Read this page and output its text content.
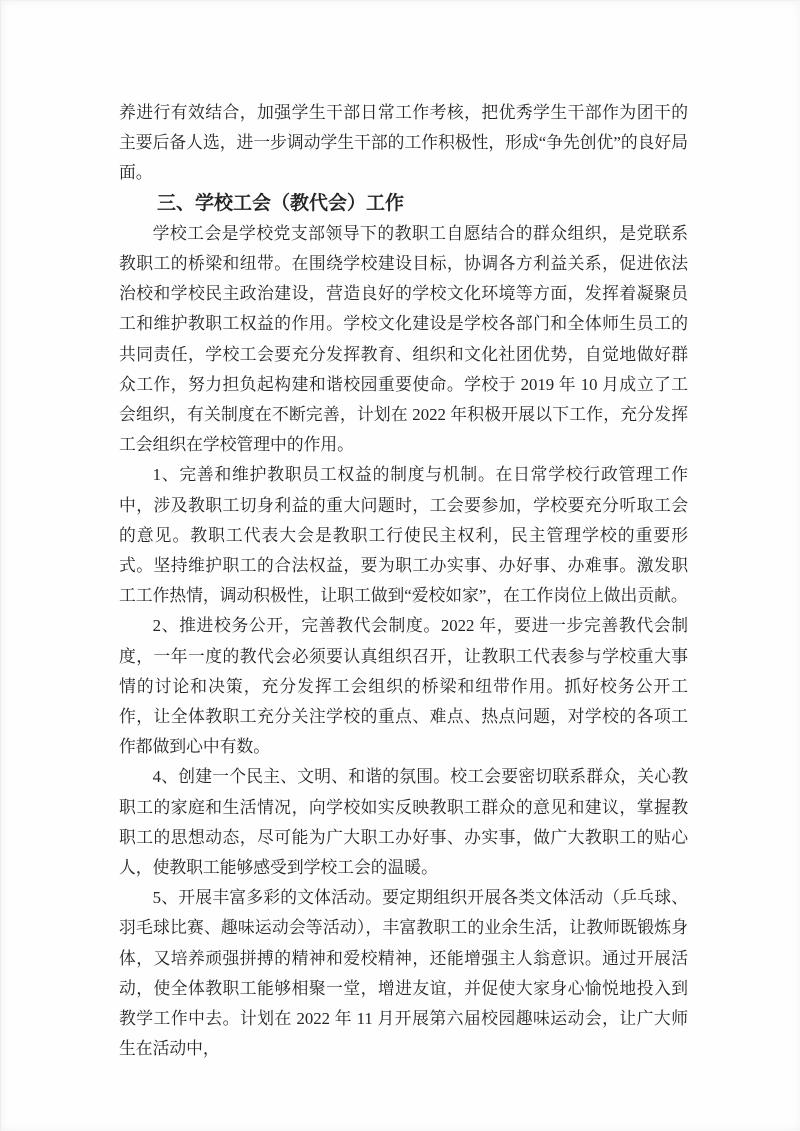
养进行有效结合，加强学生干部日常工作考核，把优秀学生干部作为团干的主要后备人选，进一步调动学生干部的工作积极性，形成“争先创优”的良好局面。

三、学校工会（教代会）工作

学校工会是学校党支部领导下的教职工自愿结合的群众组织，是党联系教职工的桥梁和纽带。在围绕学校建设目标，协调各方利益关系，促进依法治校和学校民主政治建设，营造良好的学校文化环境等方面，发挥着凝聚员工和维护教职工权益的作用。学校文化建设是学校各部门和全体师生员工的共同责任，学校工会要充分发挥教育、组织和文化社团优势，自觉地做好群众工作，努力担负起构建和谐校园重要使命。学校于 2019 年 10 月成立了工会组织，有关制度在不断完善，计划在 2022 年积极开展以下工作，充分发挥工会组织在学校管理中的作用。

1、完善和维护教职员工权益的制度与机制。在日常学校行政管理工作中，涉及教职工切身利益的重大问题时，工会要参加，学校要充分听取工会的意见。教职工代表大会是教职工行使民主权利，民主管理学校的重要形式。坚持维护职工的合法权益，要为职工办实事、办好事、办难事。激发职工工作热情，调动积极性，让职工做到“爱校如家”，在工作岗位上做出贡献。

2、推进校务公开，完善教代会制度。2022 年，要进一步完善教代会制度，一年一度的教代会必须要认真组织召开，让教职工代表参与学校重大事情的讨论和决策，充分发挥工会组织的桥梁和纽带作用。抓好校务公开工作，让全体教职工充分关注学校的重点、难点、热点问题，对学校的各项工作都做到心中有数。

4、创建一个民主、文明、和谐的氛围。校工会要密切联系群众，关心教职工的家庭和生活情况，向学校如实反映教职工群众的意见和建议，掌握教职工的思想动态，尽可能为广大职工办好事、办实事，做广大教职工的贴心人，使教职工能够感受到学校工会的温暖。

5、开展丰富多彩的文体活动。要定期组织开展各类文体活动（乒乓球、羽毛球比赛、趣味运动会等活动），丰富教职工的业余生活，让教师既锻炼身体，又培养顽强拼搏的精神和爱校精神，还能增强主人翁意识。通过开展活动，使全体教职工能够相聚一堂，增进友谊，并促使大家身心愉悦地投入到教学工作中去。计划在 2022 年 11 月开展第六届校园趣味运动会，让广大师生在活动中，
